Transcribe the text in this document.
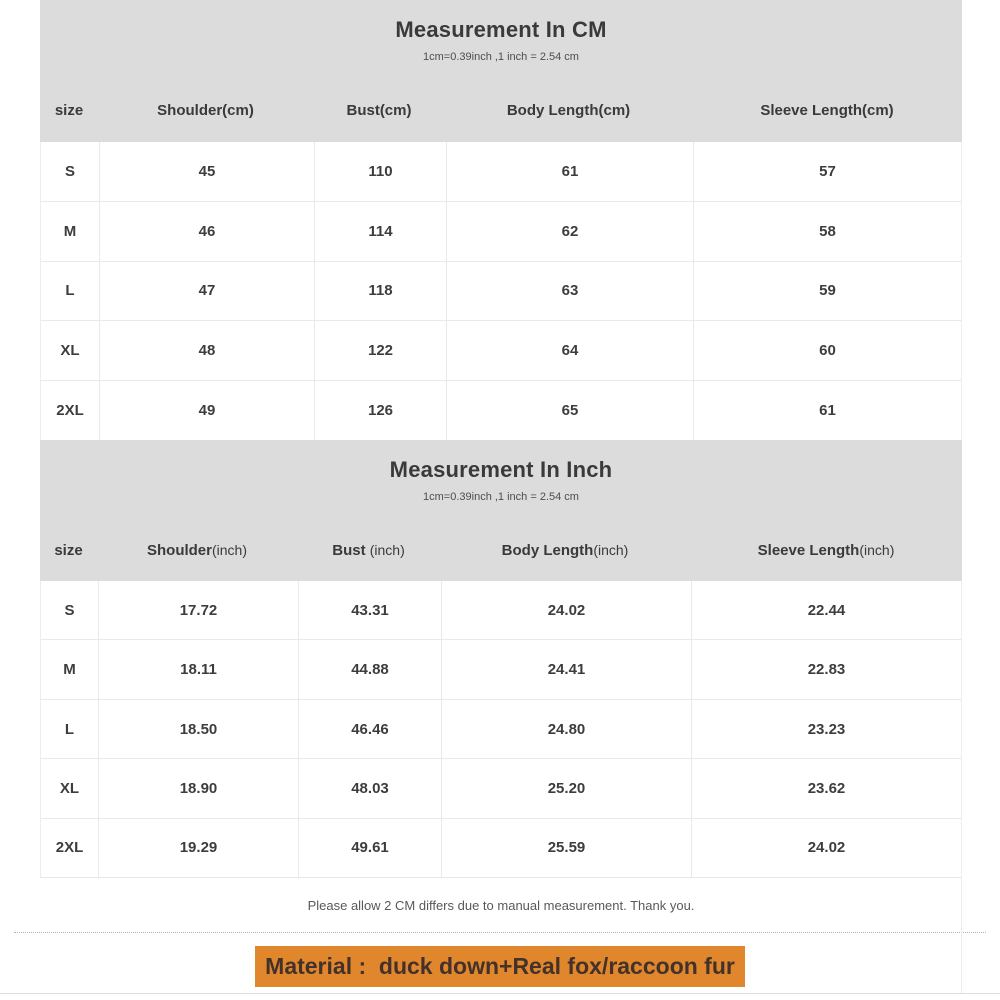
Measurement In CM
1cm=0.39inch ,1 inch = 2.54 cm
size	Shoulder(cm)	Bust(cm)	Body Length(cm)	Sleeve Length(cm)
S	45	110	61	57
M	46	114	62	58
L	47	118	63	59
XL	48	122	64	60
2XL	49	126	65	61
Measurement In Inch
1cm=0.39inch ,1 inch = 2.54 cm
size	Shoulder (inch)	Bust (inch)	Body Length (inch)	Sleeve Length (inch)
S	17.72	43.31	24.02	22.44
M	18.11	44.88	24.41	22.83
L	18.50	46.46	24.80	23.23
XL	18.90	48.03	25.20	23.62
2XL	19.29	49.61	25.59	24.02
Please allow 2 CM differs due to manual measurement. Thank you.
Material :  duck down+Real fox/raccoon fur
